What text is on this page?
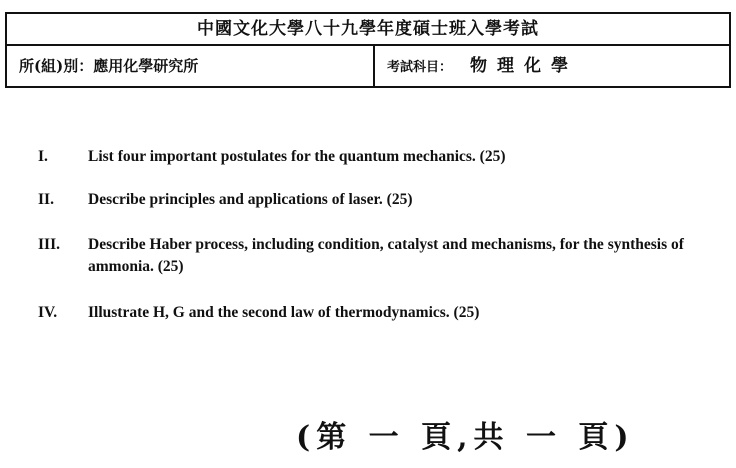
中國文化大學八十九學年度碩士班入學考試
所(組)別：應用化學研究所	考試科目： 物理化學
I.	List four important postulates for the quantum mechanics. (25)
II. Describe principles and applications of laser. (25)
III. Describe Haber process, including condition, catalyst and mechanisms, for the synthesis of ammonia. (25)
IV. Illustrate H, G and the second law of thermodynamics. (25)
(第 一 頁,共 一 頁)
